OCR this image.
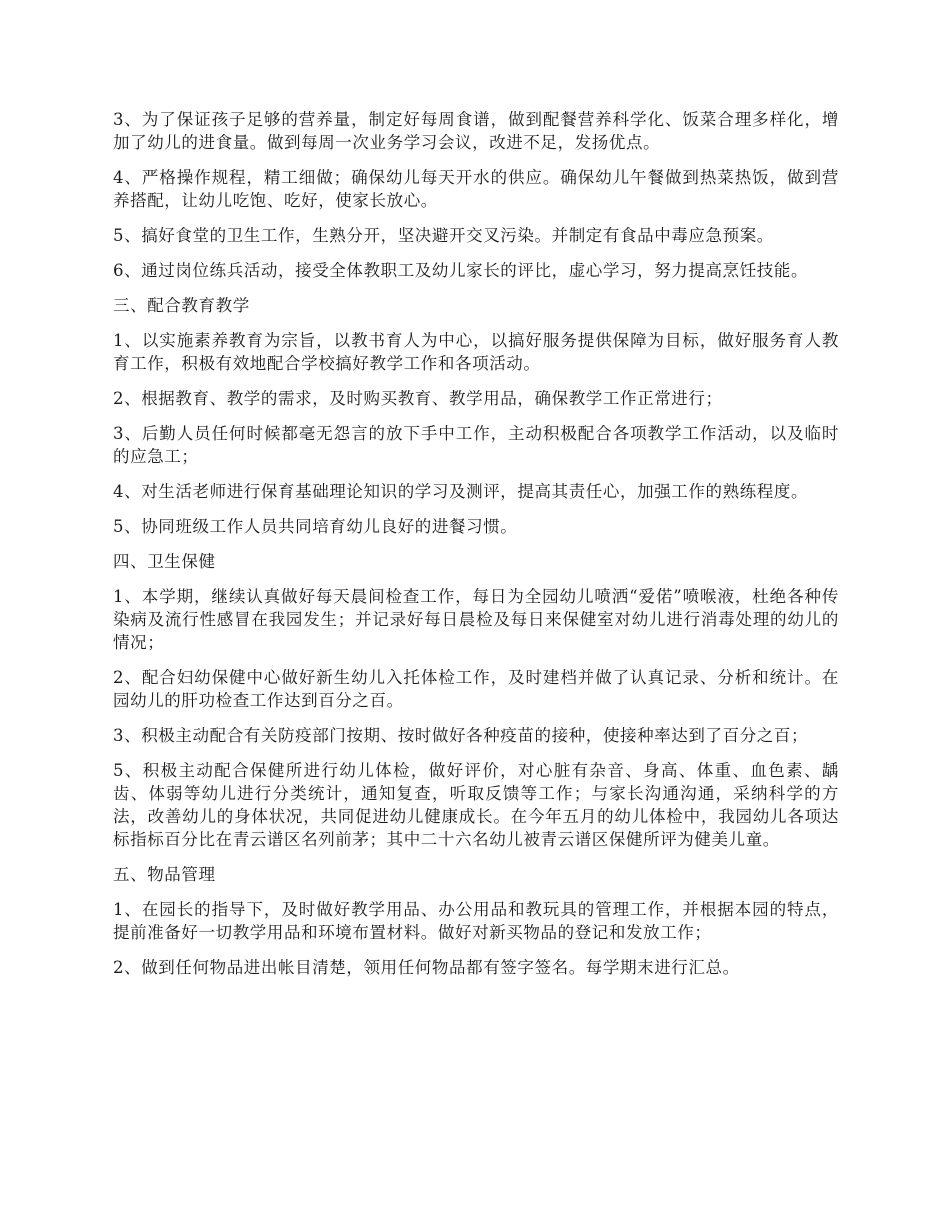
3、为了保证孩子足够的营养量，制定好每周食谱，做到配餐营养科学化、饭菜合理多样化，增加了幼儿的进食量。做到每周一次业务学习会议，改进不足，发扬优点。

4、严格操作规程，精工细做；确保幼儿每天开水的供应。确保幼儿午餐做到热菜热饭，做到营养搭配，让幼儿吃饱、吃好，使家长放心。

5、搞好食堂的卫生工作，生熟分开，坚决避开交叉污染。并制定有食品中毒应急预案。

6、通过岗位练兵活动，接受全体教职工及幼儿家长的评比，虚心学习，努力提高烹饪技能。

三、配合教育教学

1、以实施素养教育为宗旨，以教书育人为中心，以搞好服务提供保障为目标，做好服务育人教育工作，积极有效地配合学校搞好教学工作和各项活动。

2、根据教育、教学的需求，及时购买教育、教学用品，确保教学工作正常进行；

3、后勤人员任何时候都毫无怨言的放下手中工作，主动积极配合各项教学工作活动，以及临时的应急工；

4、对生活老师进行保育基础理论知识的学习及测评，提高其责任心，加强工作的熟练程度。

5、协同班级工作人员共同培育幼儿良好的进餐习惯。

四、卫生保健

1、本学期，继续认真做好每天晨间检查工作，每日为全园幼儿喷洒“爱偌”喷喉液，杜绝各种传染病及流行性感冒在我园发生；并记录好每日晨检及每日来保健室对幼儿进行消毒处理的幼儿的情况；

2、配合妇幼保健中心做好新生幼儿入托体检工作，及时建档并做了认真记录、分析和统计。在园幼儿的肝功检查工作达到百分之百。

3、积极主动配合有关防疫部门按期、按时做好各种疫苗的接种，使接种率达到了百分之百；

5、积极主动配合保健所进行幼儿体检，做好评价，对心脏有杂音、身高、体重、血色素、龋齿、体弱等幼儿进行分类统计，通知复查，听取反馈等工作；与家长沟通沟通，采纳科学的方法，改善幼儿的身体状况，共同促进幼儿健康成长。在今年五月的幼儿体检中，我园幼儿各项达标指标百分比在青云谱区名列前茅；其中二十六名幼儿被青云谱区保健所评为健美儿童。

五、物品管理

1、在园长的指导下，及时做好教学用品、办公用品和教玩具的管理工作，并根据本园的特点，提前准备好一切教学用品和环境布置材料。做好对新买物品的登记和发放工作；

2、做到任何物品进出帐目清楚，领用任何物品都有签字签名。每学期末进行汇总。
